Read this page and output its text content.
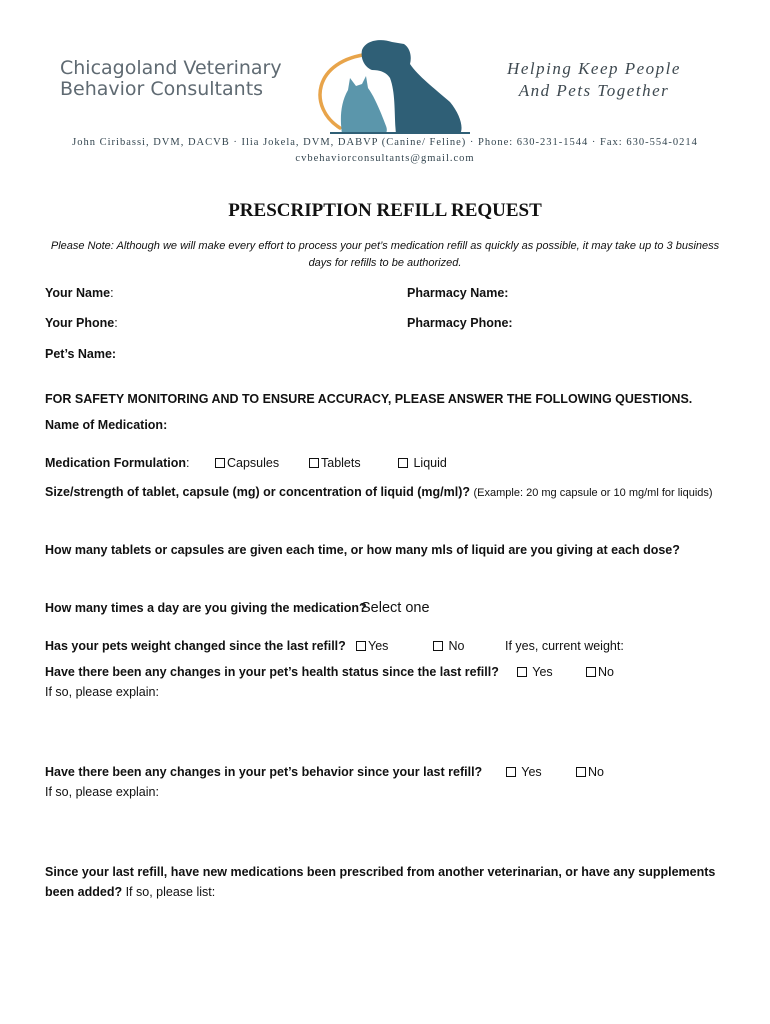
Chicagoland Veterinary
Behavior Consultants
Helping Keep People
And Pets Together
John Ciribassi, DVM, DACVB · Ilia Jokela, DVM, DABVP (Canine/ Feline) · Phone: 630-231-1544 · Fax: 630-554-0214
cvbehaviorconsultants@gmail.com
PRESCRIPTION REFILL REQUEST
Please Note: Although we will make every effort to process your pet’s medication refill as quickly as possible, it may take up to 3 business days for refills to be authorized.
Your Name:	Pharmacy Name:
Your Phone:	Pharmacy Phone:
Pet’s Name:
FOR SAFETY MONITORING AND TO ENSURE ACCURACY, PLEASE ANSWER THE FOLLOWING QUESTIONS.
Name of Medication:
Medication Formulation:	Capsules	Tablets	Liquid
Size/strength of tablet, capsule (mg) or concentration of liquid (mg/ml)? (Example: 20 mg capsule or 10 mg/ml for liquids)
How many tablets or capsules are given each time, or how many mls of liquid are you giving at each dose?
How many times a day are you giving the medication?
Select one
Has your pets weight changed since the last refill?	Yes	No	If yes, current weight:
Have there been any changes in your pet’s health status since the last refill?	Yes	No
If so, please explain:
Have there been any changes in your pet’s behavior since your last refill?	Yes	No
If so, please explain:
Since your last refill, have new medications been prescribed from another veterinarian, or have any supplements
been added? If so, please list:
